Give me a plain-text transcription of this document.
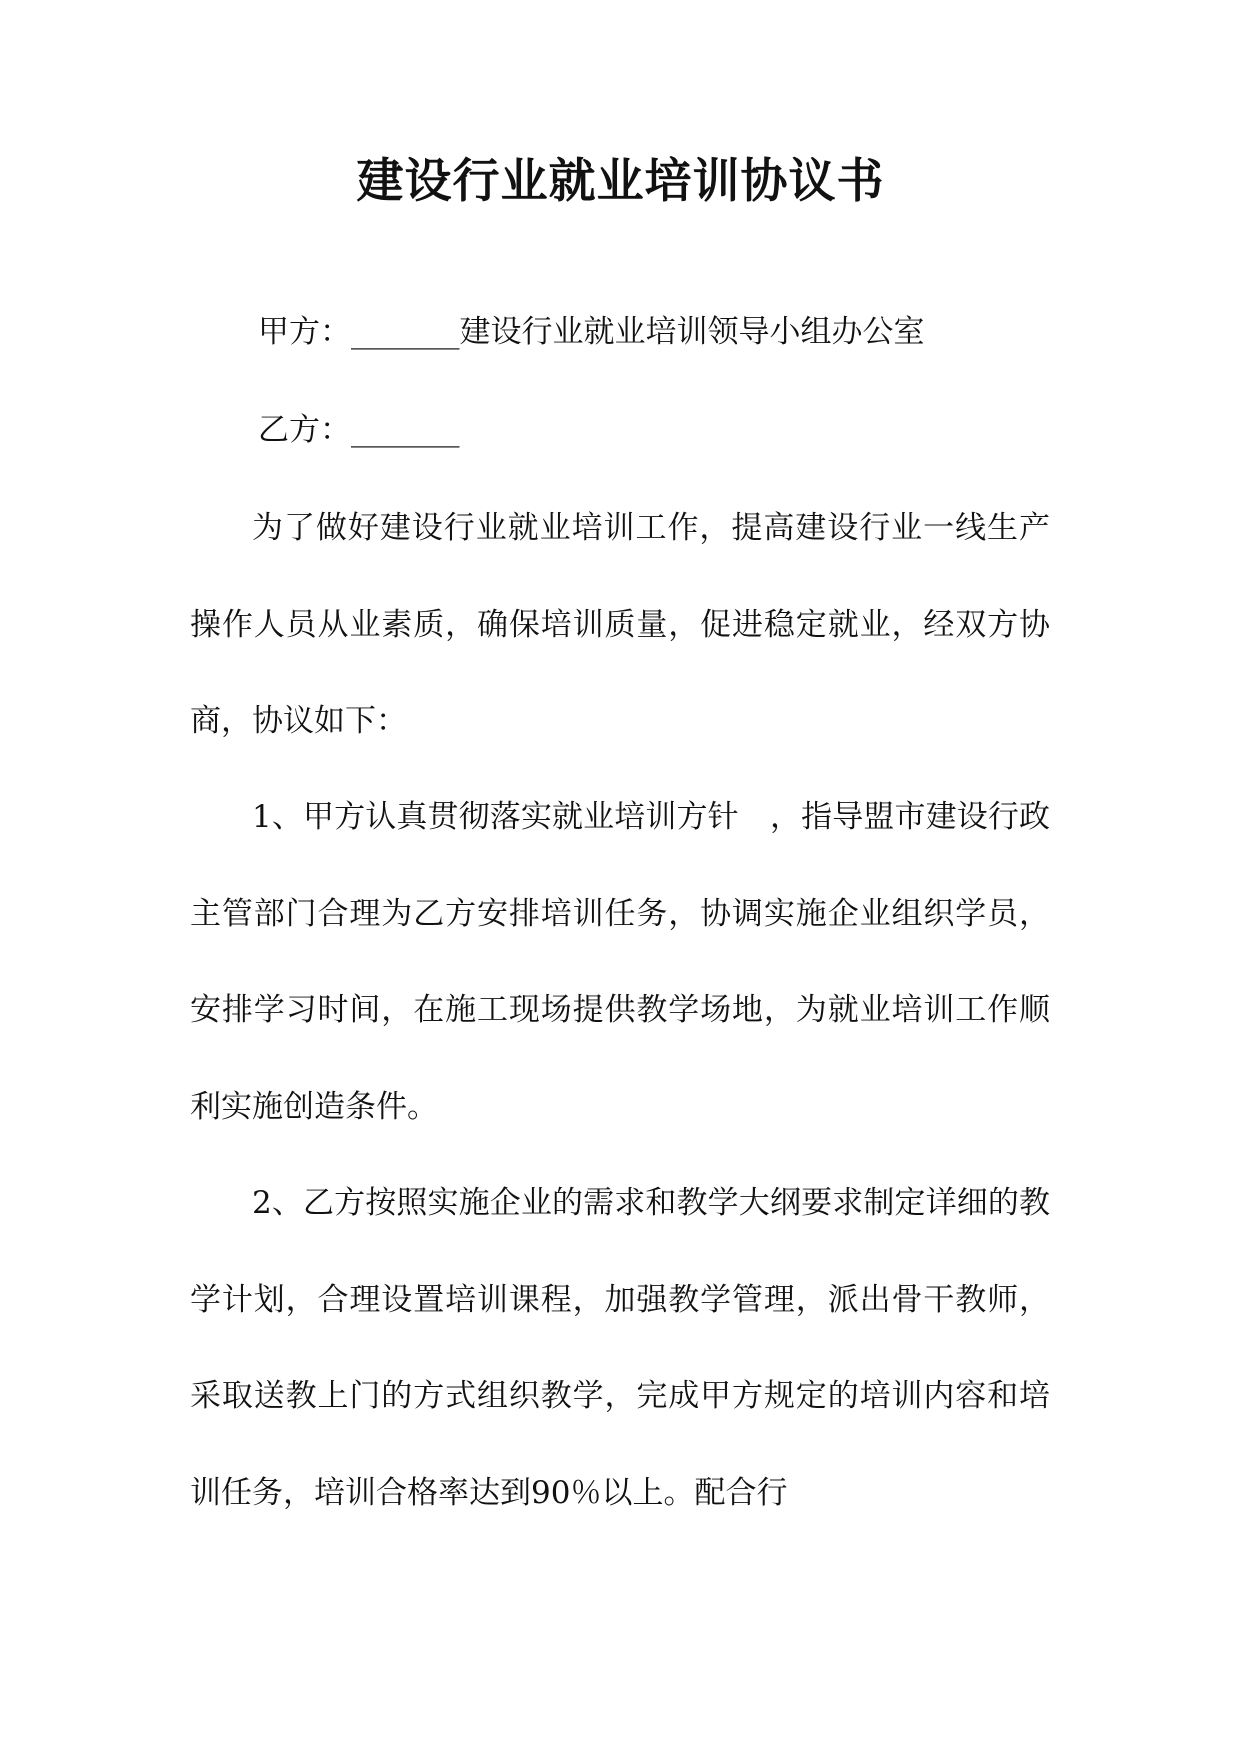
建设行业就业培训协议书
甲方：_______建设行业就业培训领导小组办公室
乙方：_______

为了做好建设行业就业培训工作，提高建设行业一线生产操作人员从业素质，确保培训质量，促进稳定就业，经双方协商，协议如下：

1、甲方认真贯彻落实就业培训方针　，指导盟市建设行政主管部门合理为乙方安排培训任务，协调实施企业组织学员，安排学习时间，在施工现场提供教学场地，为就业培训工作顺利实施创造条件。

2、乙方按照实施企业的需求和教学大纲要求制定详细的教学计划，合理设置培训课程，加强教学管理，派出骨干教师，采取送教上门的方式组织教学，完成甲方规定的培训内容和培训任务，培训合格率达到90％以上。配合行
